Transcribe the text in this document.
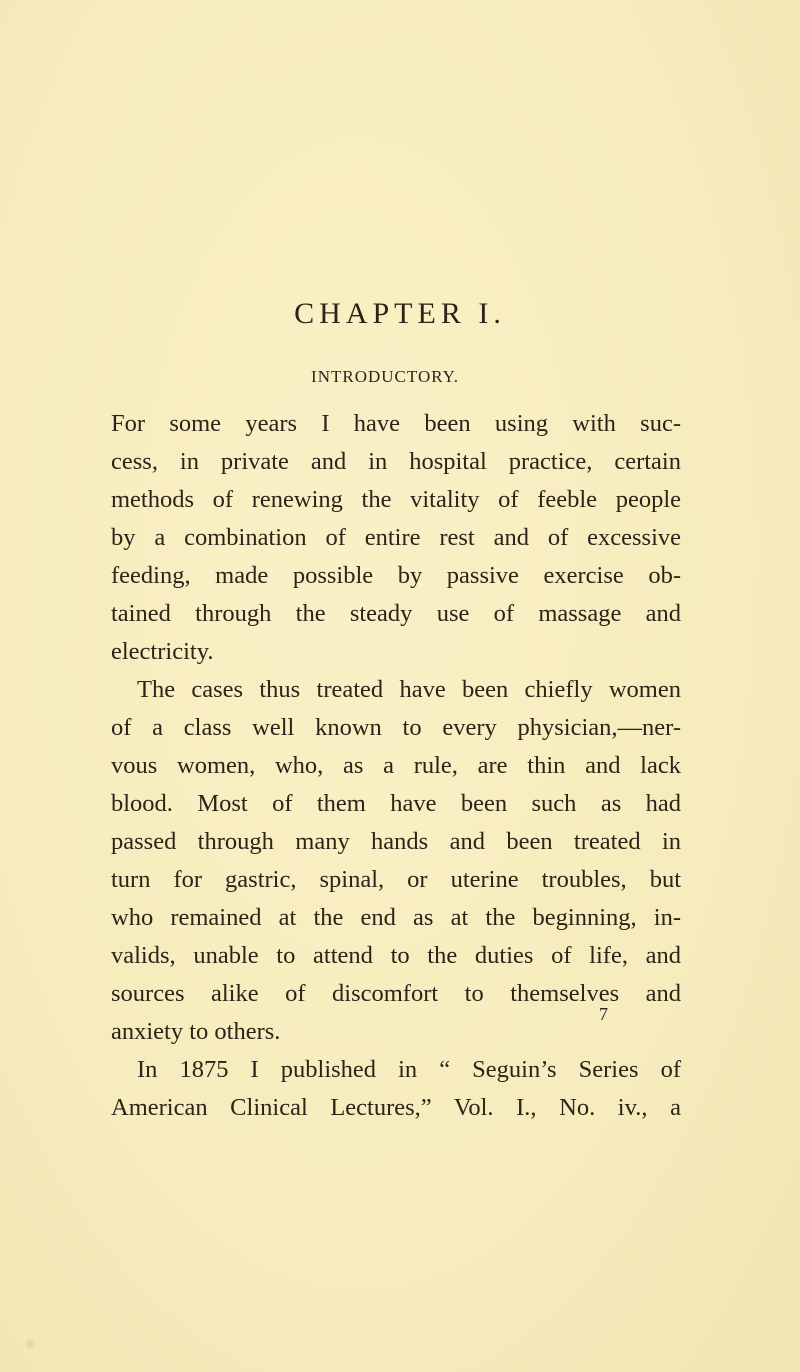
CHAPTER I.
INTRODUCTORY.
For some years I have been using with suc-
cess, in private and in hospital practice, certain
methods of renewing the vitality of feeble people
by a combination of entire rest and of excessive
feeding, made possible by passive exercise ob-
tained through the steady use of massage and
electricity.
The cases thus treated have been chiefly women
of a class well known to every physician,—ner-
vous women, who, as a rule, are thin and lack
blood. Most of them have been such as had
passed through many hands and been treated in
turn for gastric, spinal, or uterine troubles, but
who remained at the end as at the beginning, in-
valids, unable to attend to the duties of life, and
sources alike of discomfort to themselves and
anxiety to others.
In 1875 I published in “ Seguin’s Series of
American Clinical Lectures,” Vol. I., No. iv., a
7
